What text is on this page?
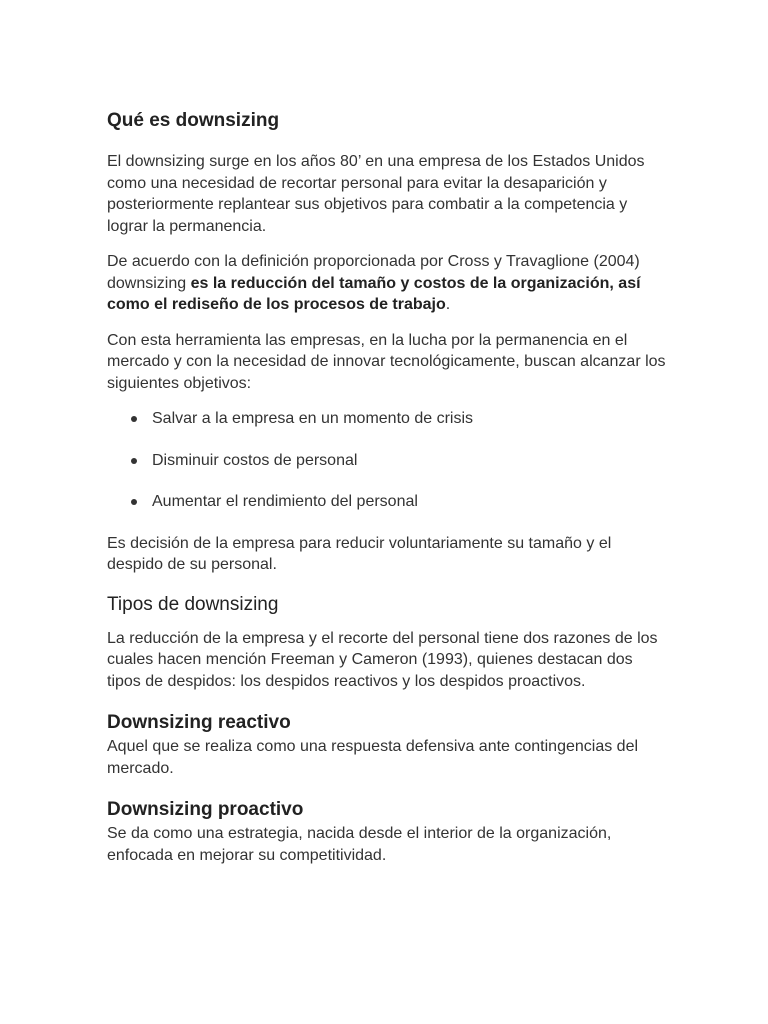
Qué es downsizing

El downsizing surge en los años 80’ en una empresa de los Estados Unidos como una necesidad de recortar personal para evitar la desaparición y posteriormente replantear sus objetivos para combatir a la competencia y lograr la permanencia.

De acuerdo con la definición proporcionada por Cross y Travaglione (2004) downsizing es la reducción del tamaño y costos de la organización, así como el rediseño de los procesos de trabajo.

Con esta herramienta las empresas, en la lucha por la permanencia en el mercado y con la necesidad de innovar tecnológicamente, buscan alcanzar los siguientes objetivos:

Salvar a la empresa en un momento de crisis
Disminuir costos de personal
Aumentar el rendimiento del personal

Es decisión de la empresa para reducir voluntariamente su tamaño y el despido de su personal.

Tipos de downsizing

La reducción de la empresa y el recorte del personal tiene dos razones de los cuales hacen mención Freeman y Cameron (1993), quienes destacan dos tipos de despidos: los despidos reactivos y los despidos proactivos.

Downsizing reactivo

Aquel que se realiza como una respuesta defensiva ante contingencias del mercado.

Downsizing proactivo

Se da como una estrategia, nacida desde el interior de la organización, enfocada en mejorar su competitividad.
